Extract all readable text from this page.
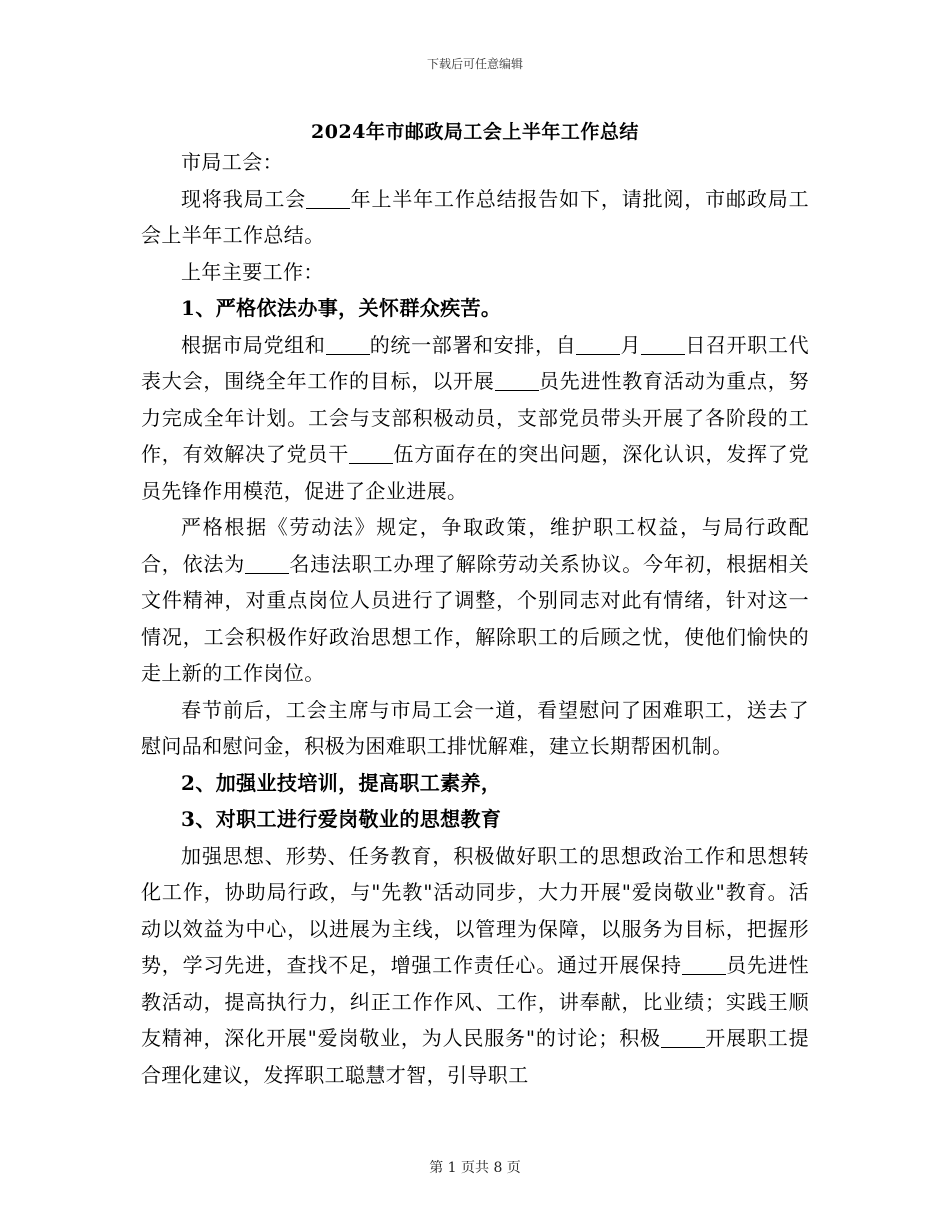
下载后可任意编辑
2024年市邮政局工会上半年工作总结

市局工会：

现将我局工会 年上半年工作总结报告如下，请批阅，市邮政局工会上半年工作总结。

上年主要工作：

1、严格依法办事，关怀群众疾苦。

根据市局党组和 的统一部署和安排，自 月 日召开职工代表大会，围绕全年工作的目标，以开展 员先进性教育活动为重点，努力完成全年计划。工会与支部积极动员，支部党员带头开展了各阶段的工作，有效解决了党员干 伍方面存在的突出问题，深化认识，发挥了党员先锋作用模范，促进了企业进展。

严格根据《劳动法》规定，争取政策，维护职工权益，与局行政配合，依法为 名违法职工办理了解除劳动关系协议。今年初，根据相关文件精神，对重点岗位人员进行了调整，个别同志对此有情绪，针对这一情况，工会积极作好政治思想工作，解除职工的后顾之忧，使他们愉快的走上新的工作岗位。

春节前后，工会主席与市局工会一道，看望慰问了困难职工，送去了慰问品和慰问金，积极为困难职工排忧解难，建立长期帮困机制。

2、加强业技培训，提高职工素养，

3、对职工进行爱岗敬业的思想教育

加强思想、形势、任务教育，积极做好职工的思想政治工作和思想转化工作，协助局行政，与"先教"活动同步，大力开展"爱岗敬业"教育。活动以效益为中心，以进展为主线，以管理为保障，以服务为目标，把握形势，学习先进，查找不足，增强工作责任心。通过开展保持 员先进性教活动，提高执行力，纠正工作作风、工作，讲奉献，比业绩；实践王顺友精神，深化开展"爱岗敬业，为人民服务"的讨论；积极 开展职工提合理化建议，发挥职工聪慧才智，引导职工

第 1 页共 8 页
